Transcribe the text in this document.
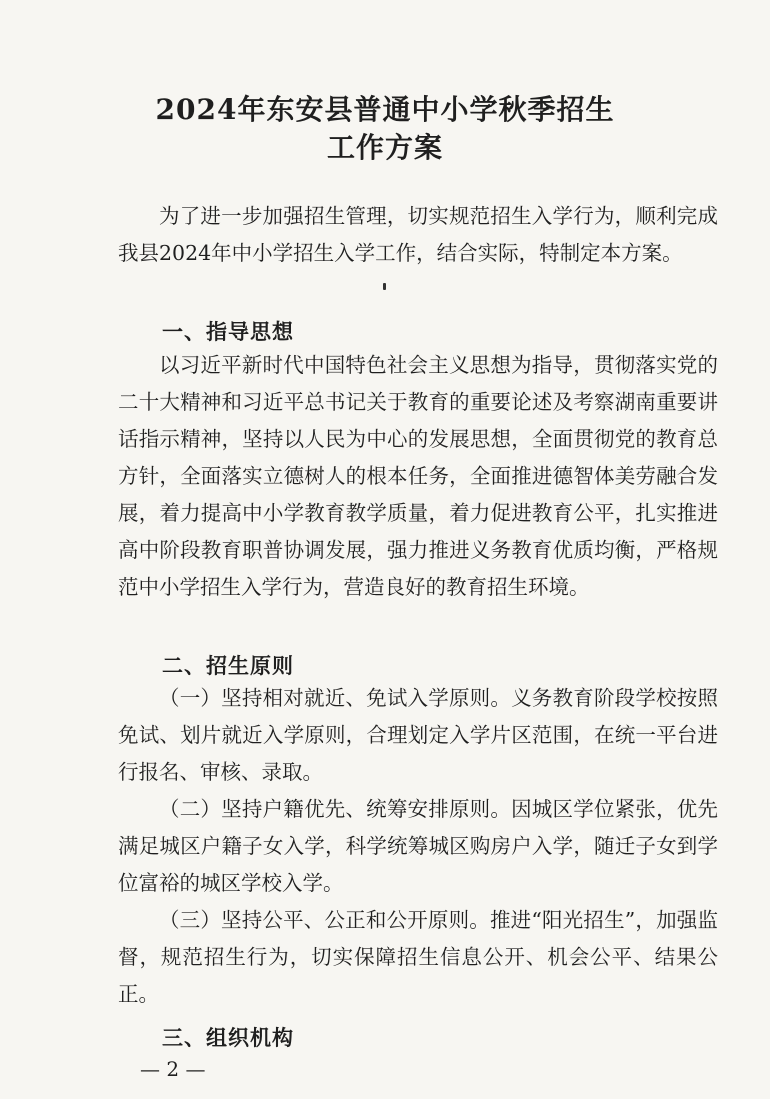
2024年东安县普通中小学秋季招生
工作方案

为了进一步加强招生管理，切实规范招生入学行为，顺利完成我县2024年中小学招生入学工作，结合实际，特制定本方案。

一、指导思想

以习近平新时代中国特色社会主义思想为指导，贯彻落实党的二十大精神和习近平总书记关于教育的重要论述及考察湖南重要讲话指示精神，坚持以人民为中心的发展思想，全面贯彻党的教育总方针，全面落实立德树人的根本任务，全面推进德智体美劳融合发展，着力提高中小学教育教学质量，着力促进教育公平，扎实推进高中阶段教育职普协调发展，强力推进义务教育优质均衡，严格规范中小学招生入学行为，营造良好的教育招生环境。

二、招生原则

（一）坚持相对就近、免试入学原则。义务教育阶段学校按照免试、划片就近入学原则，合理划定入学片区范围，在统一平台进行报名、审核、录取。

（二）坚持户籍优先、统筹安排原则。因城区学位紧张，优先满足城区户籍子女入学，科学统筹城区购房户入学，随迁子女到学位富裕的城区学校入学。

（三）坚持公平、公正和公开原则。推进“阳光招生”，加强监督，规范招生行为，切实保障招生信息公开、机会公平、结果公正。

三、组织机构
— 2 —
